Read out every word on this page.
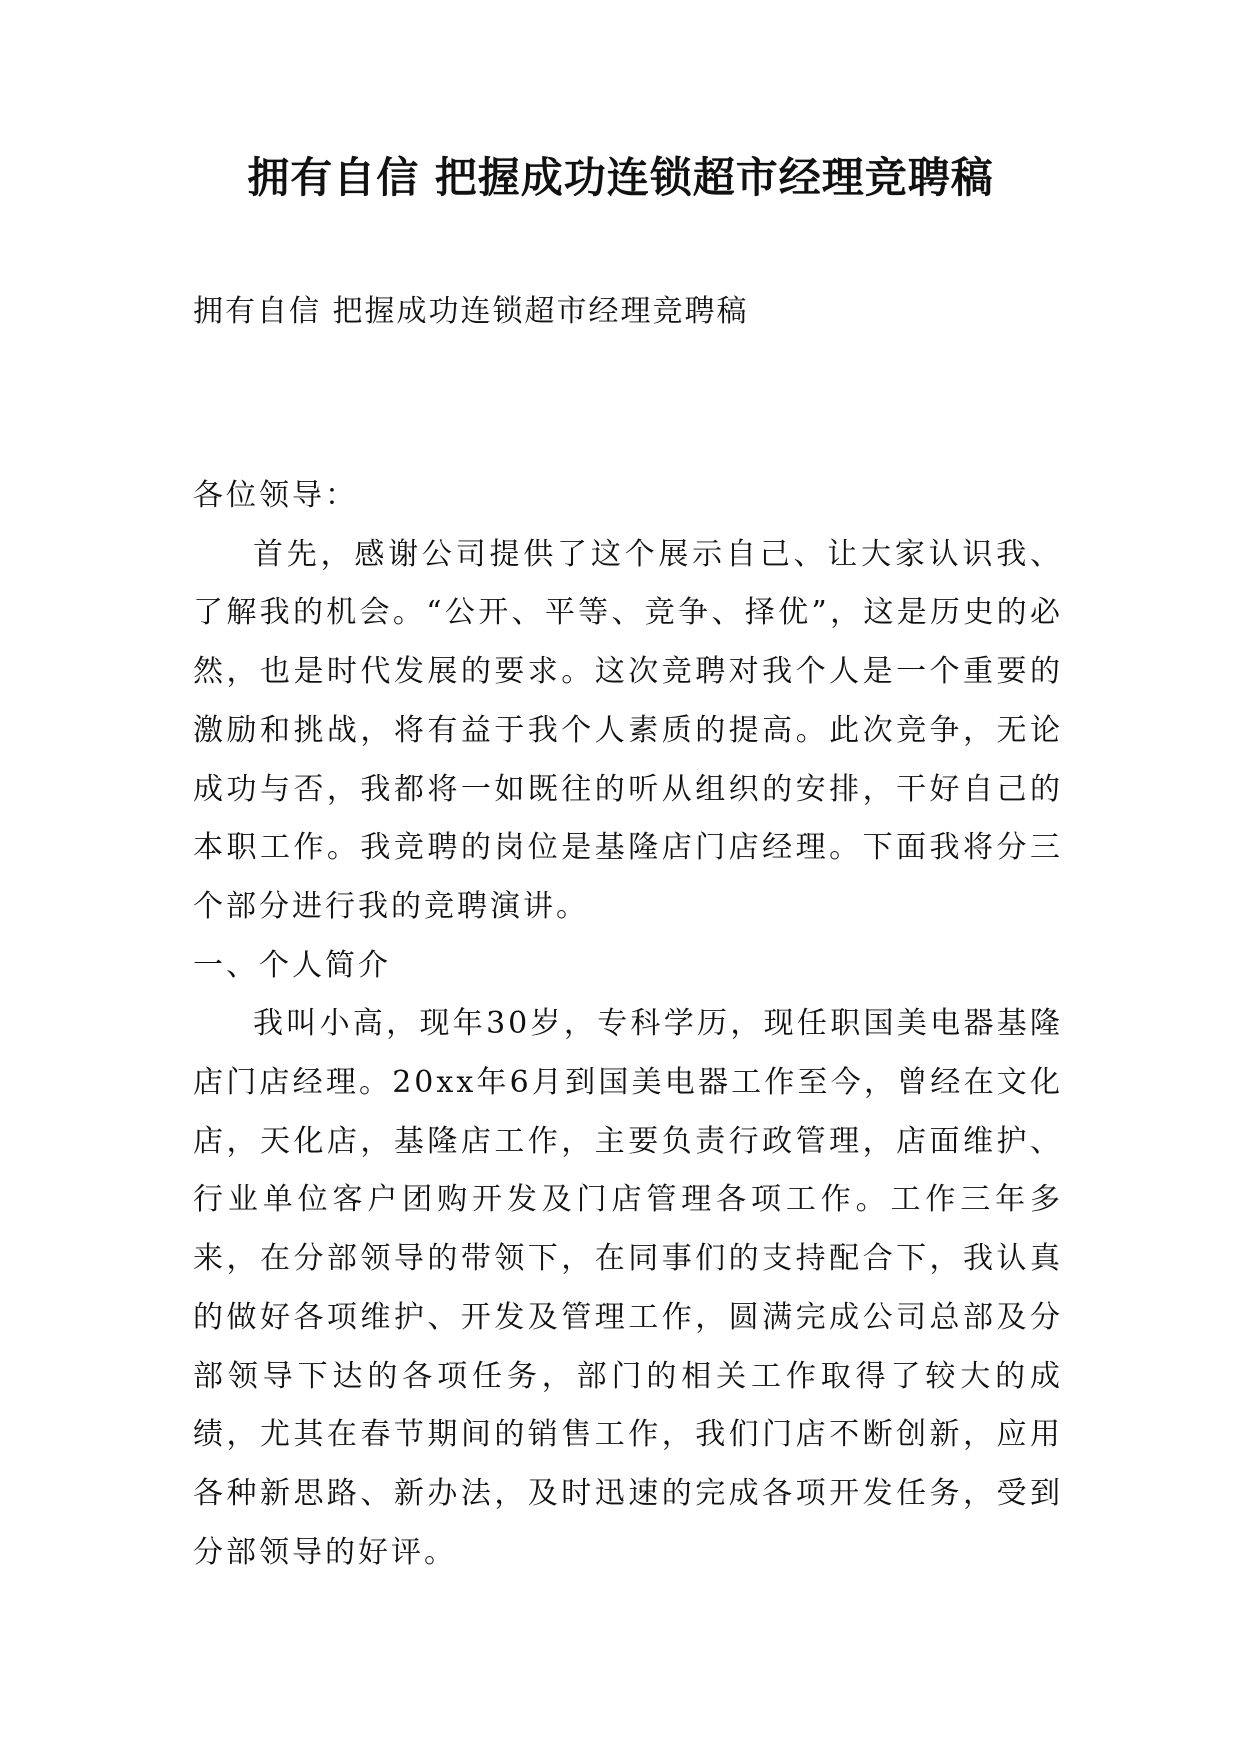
拥有自信 把握成功连锁超市经理竞聘稿

拥有自信 把握成功连锁超市经理竞聘稿

各位领导：

首先，感谢公司提供了这个展示自己、让大家认识我、了解我的机会。“公开、平等、竞争、择优”，这是历史的必然，也是时代发展的要求。这次竞聘对我个人是一个重要的激励和挑战，将有益于我个人素质的提高。此次竞争，无论成功与否，我都将一如既往的听从组织的安排，干好自己的本职工作。我竞聘的岗位是基隆店门店经理。下面我将分三个部分进行我的竞聘演讲。

一、个人简介

我叫小高，现年30岁，专科学历，现任职国美电器基隆店门店经理。20xx年6月到国美电器工作至今，曾经在文化店，天化店，基隆店工作，主要负责行政管理，店面维护、行业单位客户团购开发及门店管理各项工作。工作三年多来，在分部领导的带领下，在同事们的支持配合下，我认真的做好各项维护、开发及管理工作，圆满完成公司总部及分部领导下达的各项任务，部门的相关工作取得了较大的成绩，尤其在春节期间的销售工作，我们门店不断创新，应用各种新思路、新办法，及时迅速的完成各项开发任务，受到分部领导的好评。
